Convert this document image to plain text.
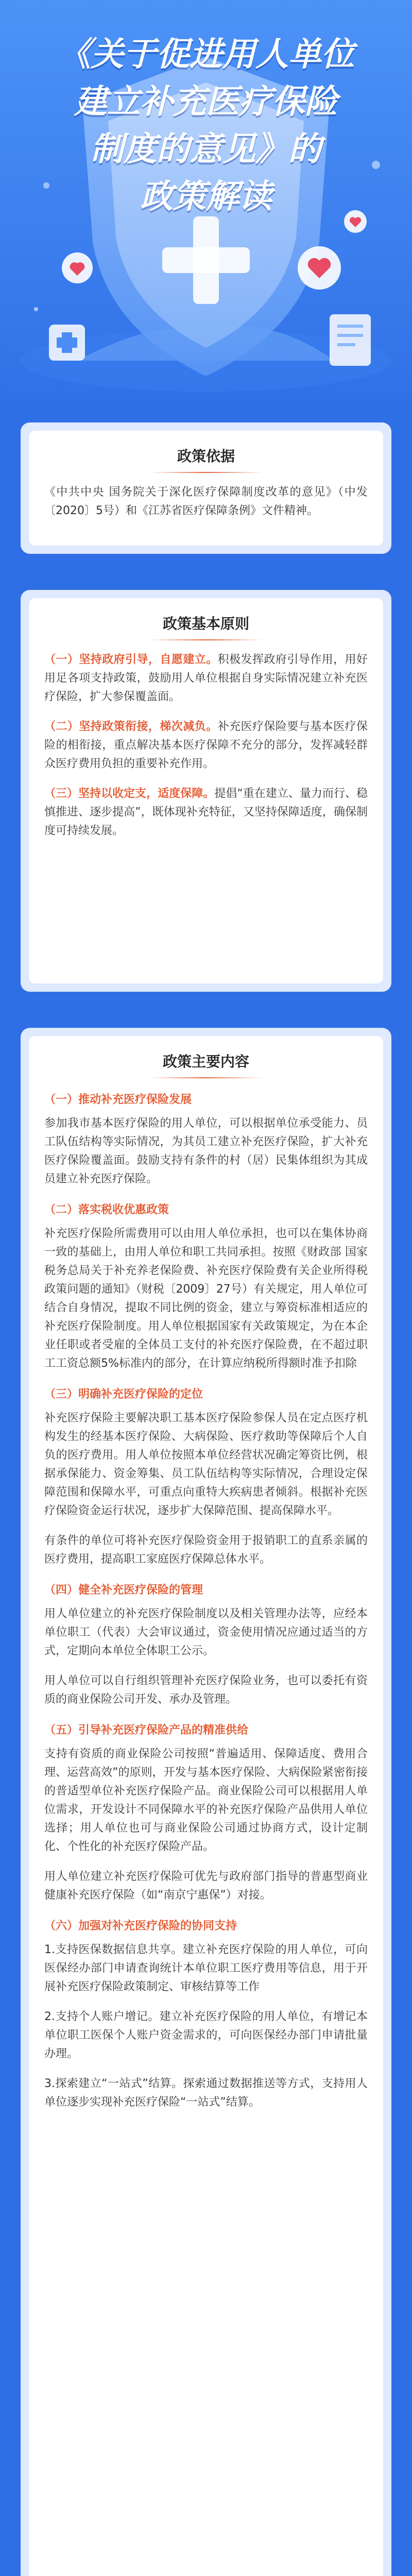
《关于促进用人单位
建立补充医疗保险
制度的意见》的
政策解读
政策依据

《中共中央 国务院关于深化医疗保障制度改革的意见》（中发〔2020〕5号）和《江苏省医疗保障条例》文件精神。

政策基本原则

（一）坚持政府引导，自愿建立。积极发挥政府引导作用，用好用足各项支持政策，鼓励用人单位根据自身实际情况建立补充医疗保险，扩大参保覆盖面。

（二）坚持政策衔接，梯次减负。补充医疗保险要与基本医疗保险的相衔接，重点解决基本医疗保障不充分的部分，发挥减轻群众医疗费用负担的重要补充作用。

（三）坚持以收定支，适度保障。提倡“重在建立、量力而行、稳慎推进、逐步提高”，既体现补充特征，又坚持保障适度，确保制度可持续发展。

政策主要内容
（一）推动补充医疗保险发展

参加我市基本医疗保险的用人单位，可以根据单位承受能力、员工队伍结构等实际情况，为其员工建立补充医疗保险，扩大补充医疗保险覆盖面。鼓励支持有条件的村（居）民集体组织为其成员建立补充医疗保险。

（二）落实税收优惠政策

补充医疗保险所需费用可以由用人单位承担，也可以在集体协商一致的基础上，由用人单位和职工共同承担。按照《财政部 国家税务总局关于补充养老保险费、补充医疗保险费有关企业所得税政策问题的通知》（财税〔2009〕27号）有关规定，用人单位可结合自身情况，提取不同比例的资金，建立与筹资标准相适应的补充医疗保险制度。用人单位根据国家有关政策规定，为在本企业任职或者受雇的全体员工支付的补充医疗保险费，在不超过职工工资总额5%标准内的部分，在计算应纳税所得额时准予扣除

（三）明确补充医疗保险的定位

补充医疗保险主要解决职工基本医疗保险参保人员在定点医疗机构发生的经基本医疗保险、大病保险、医疗救助等保障后个人自负的医疗费用。用人单位按照本单位经营状况确定筹资比例，根据承保能力、资金筹集、员工队伍结构等实际情况，合理设定保障范围和保障水平，可重点向重特大疾病患者倾斜。根据补充医疗保险资金运行状况，逐步扩大保障范围、提高保障水平。

有条件的单位可将补充医疗保险资金用于报销职工的直系亲属的医疗费用，提高职工家庭医疗保障总体水平。

（四）健全补充医疗保险的管理

用人单位建立的补充医疗保险制度以及相关管理办法等，应经本单位职工（代表）大会审议通过，资金使用情况应通过适当的方式，定期向本单位全体职工公示。

用人单位可以自行组织管理补充医疗保险业务，也可以委托有资质的商业保险公司开发、承办及管理。

（五）引导补充医疗保险产品的精准供给

支持有资质的商业保险公司按照“普遍适用、保障适度、费用合理、运营高效”的原则，开发与基本医疗保险、大病保险紧密衔接的普适型单位补充医疗保险产品。商业保险公司可以根据用人单位需求，开发设计不同保障水平的补充医疗保险产品供用人单位选择；用人单位也可与商业保险公司通过协商方式，设计定制化、个性化的补充医疗保险产品。

用人单位建立补充医疗保险可优先与政府部门指导的普惠型商业健康补充医疗保险（如“南京宁惠保”）对接。

（六）加强对补充医疗保险的协同支持

1.支持医保数据信息共享。建立补充医疗保险的用人单位，可向医保经办部门申请查询统计本单位职工医疗费用等信息，用于开展补充医疗保险政策制定、审核结算等工作

2.支持个人账户增记。建立补充医疗保险的用人单位，有增记本单位职工医保个人账户资金需求的，可向医保经办部门申请批量办理。

3.探索建立“一站式”结算。探索通过数据推送等方式，支持用人单位逐步实现补充医疗保险“一站式”结算。
